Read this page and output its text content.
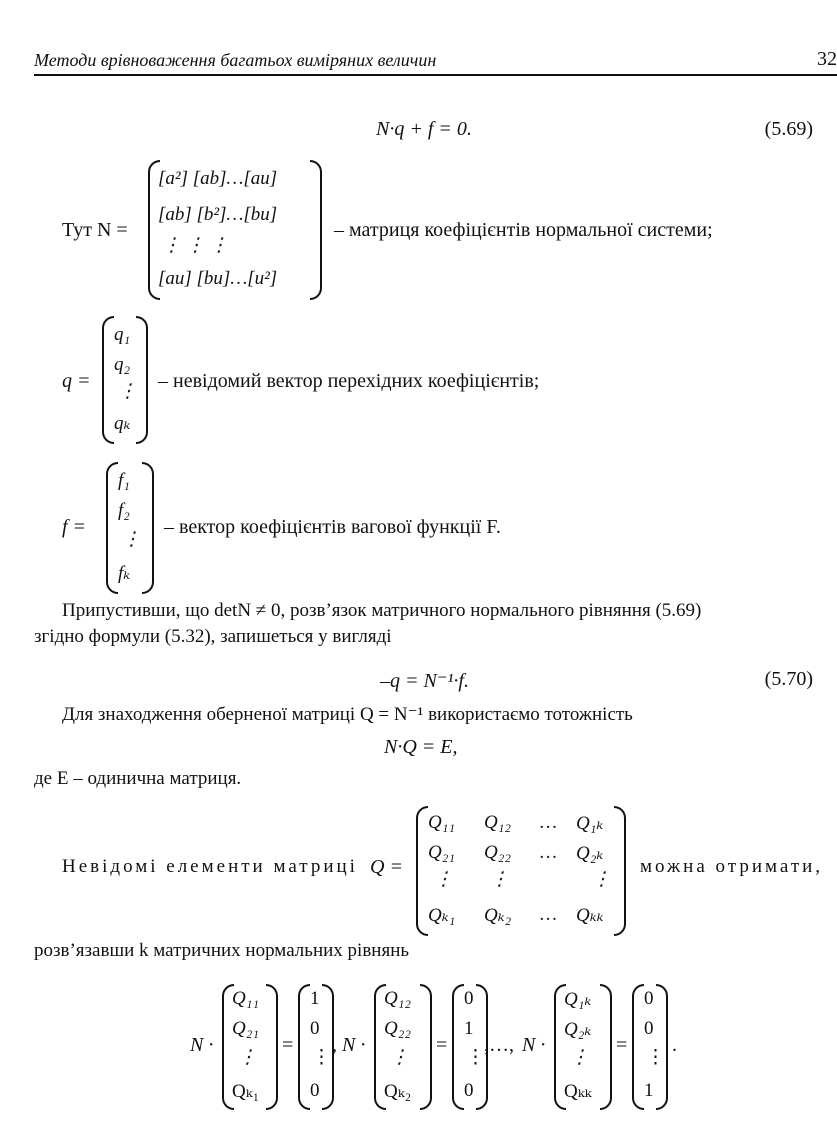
Методи врівноваження багатьох виміряних величин	32
N·q + f = 0.	(5.69)
Тут N =
[a²] [ab]…[au]
[ab] [b²]…[bu]
⋮ ⋮ ⋮
[au] [bu]…[u²]
– матриця коефіцієнтів нормальної системи;
q =
q₁
q₂
⋮
qₖ
– невідомий вектор перехідних коефіцієнтів;
f =
f₁
f₂
⋮
fₖ
– вектор коефіцієнтів вагової функції F.
Припустивши, що detN ≠ 0, розв’язок матричного нормального рівняння (5.69)
згідно формули (5.32), запишеться у вигляді
–q = N⁻¹·f.	(5.70)
Для знаходження оберненої матриці Q = N⁻¹ використаємо тотожність
N·Q = E,
де E – одинична матриця.
Невідомі елементи матриці Q =
Q₁₁ Q₁₂ … Q₁ₖ
Q₂₁ Q₂₂ … Q₂ₖ
⋮ ⋮	⋮
Qₖ₁ Qₖ₂ … Qₖₖ
можна отримати,
розв’язавши k матричних нормальних рівнянь
N ·
Q₁₁
Q₂₁
⋮
Qₖ₁
=
1
0
⋮
0
, N ·
Q₁₂
Q₂₂
⋮
Qₖ₂
=
0
1
⋮
0
,…, N ·
Q₁ₖ
Q₂ₖ
⋮
Qₖₖ
=
0
0
⋮
1
.
